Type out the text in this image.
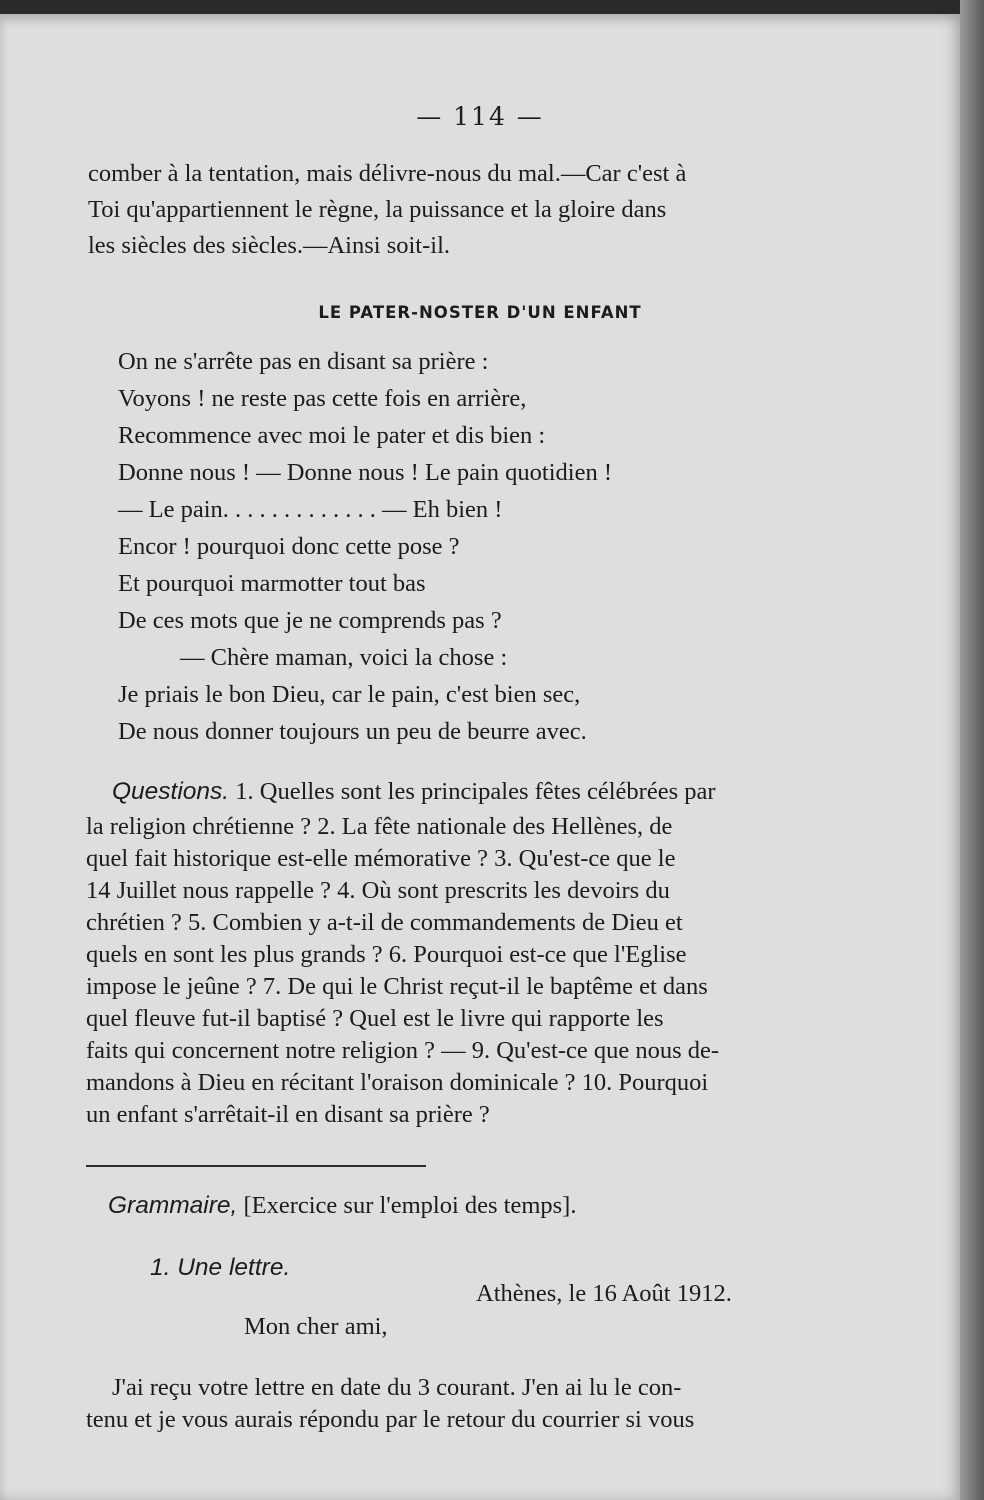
— 114 —
comber à la tentation, mais délivre-nous du mal.—Car c'est à
Toi qu'appartiennent le règne, la puissance et la gloire dans
les siècles des siècles.—Ainsi soit-il.
LE PATER-NOSTER D'UN ENFANT
On ne s'arrête pas en disant sa prière :
Voyons ! ne reste pas cette fois en arrière,
Recommence avec moi le pater et dis bien :
Donne nous ! — Donne nous ! Le pain quotidien !
— Le pain. . . . . . . . . . . . . — Eh bien !
Encor ! pourquoi donc cette pose ?
Et pourquoi marmotter tout bas
De ces mots que je ne comprends pas ?
— Chère maman, voici la chose :
Je priais le bon Dieu, car le pain, c'est bien sec,
De nous donner toujours un peu de beurre avec.
Questions. 1. Quelles sont les principales fêtes célébrées par
la religion chrétienne ? 2. La fête nationale des Hellènes, de
quel fait historique est-elle mémorative ? 3. Qu'est-ce que le
14 Juillet nous rappelle ? 4. Où sont prescrits les devoirs du
chrétien ? 5. Combien y a-t-il de commandements de Dieu et
quels en sont les plus grands ? 6. Pourquoi est-ce que l'Eglise
impose le jeûne ? 7. De qui le Christ reçut-il le baptême et dans
quel fleuve fut-il baptisé ? Quel est le livre qui rapporte les
faits qui concernent notre religion ? — 9. Qu'est-ce que nous de-
mandons à Dieu en récitant l'oraison dominicale ? 10. Pourquoi
un enfant s'arrêtait-il en disant sa prière ?
Grammaire, [Exercice sur l'emploi des temps].
1. Une lettre.
Athènes, le 16 Août 1912.
Mon cher ami,
J'ai reçu votre lettre en date du 3 courant. J'en ai lu le con-
tenu et je vous aurais répondu par le retour du courrier si vous
